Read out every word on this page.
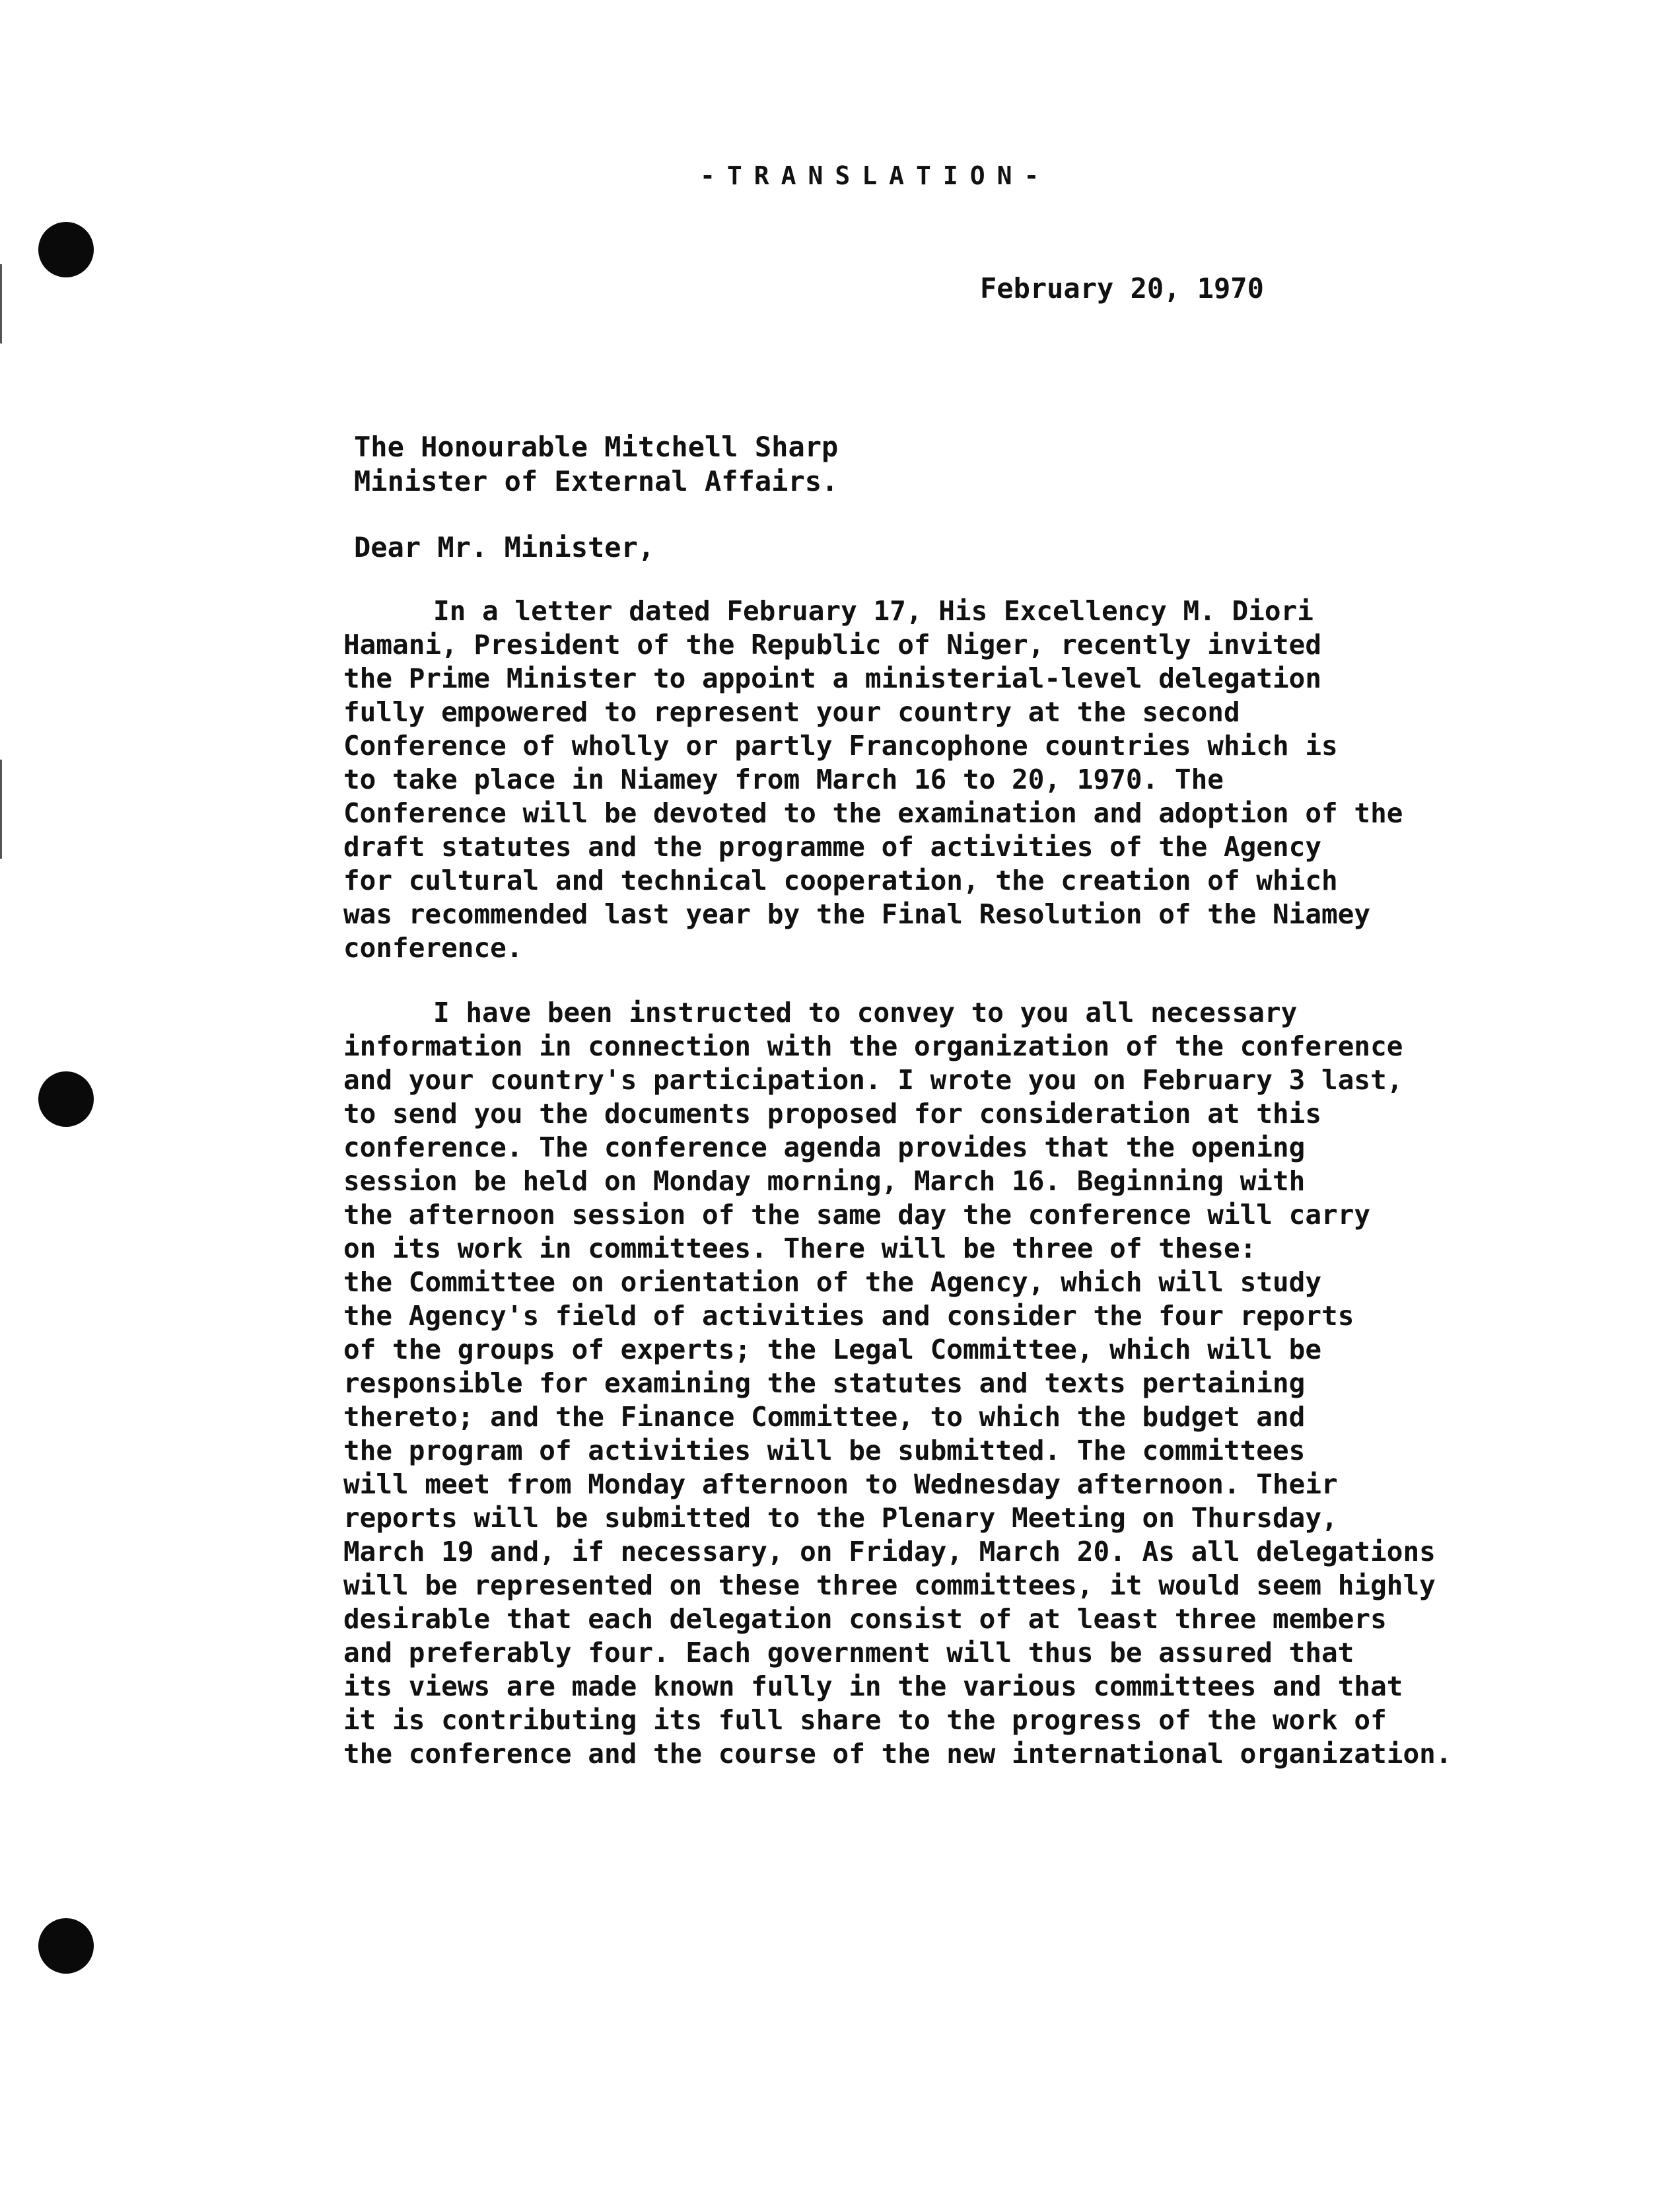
-TRANSLATION-
February 20, 1970
The Honourable Mitchell Sharp
Minister of External Affairs.
Dear Mr. Minister,
In a letter dated February 17, His Excellency M. Diori
Hamani, President of the Republic of Niger, recently invited
the Prime Minister to appoint a ministerial-level delegation
fully empowered to represent your country at the second
Conference of wholly or partly Francophone countries which is
to take place in Niamey from March 16 to 20, 1970. The
Conference will be devoted to the examination and adoption of the
draft statutes and the programme of activities of the Agency
for cultural and technical cooperation, the creation of which
was recommended last year by the Final Resolution of the Niamey
conference.
I have been instructed to convey to you all necessary
information in connection with the organization of the conference
and your country's participation. I wrote you on February 3 last,
to send you the documents proposed for consideration at this
conference. The conference agenda provides that the opening
session be held on Monday morning, March 16. Beginning with
the afternoon session of the same day the conference will carry
on its work in committees. There will be three of these:
the Committee on orientation of the Agency, which will study
the Agency's field of activities and consider the four reports
of the groups of experts; the Legal Committee, which will be
responsible for examining the statutes and texts pertaining
thereto; and the Finance Committee, to which the budget and
the program of activities will be submitted. The committees
will meet from Monday afternoon to Wednesday afternoon. Their
reports will be submitted to the Plenary Meeting on Thursday,
March 19 and, if necessary, on Friday, March 20. As all delegations
will be represented on these three committees, it would seem highly
desirable that each delegation consist of at least three members
and preferably four. Each government will thus be assured that
its views are made known fully in the various committees and that
it is contributing its full share to the progress of the work of
the conference and the course of the new international organization.
